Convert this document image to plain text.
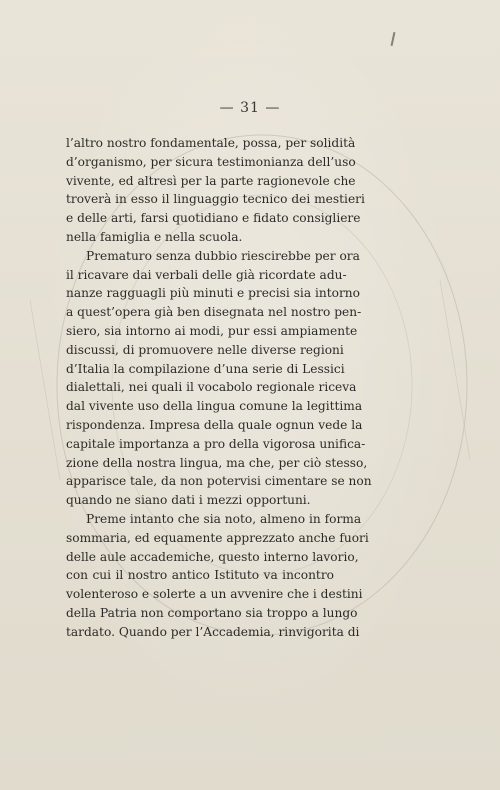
— 31 —
l’altro nostro fondamentale, possa, per solidità
d’organismo, per sicura testimonianza dell’uso
vivente, ed altresì per la parte ragionevole che
troverà in esso il linguaggio tecnico dei mestieri
e delle arti, farsi quotidiano e fidato consigliere
nella famiglia e nella scuola.
Prematuro senza dubbio riescirebbe per ora
il ricavare dai verbali delle già ricordate adu-
nanze ragguagli più minuti e precisi sia intorno
a quest’opera già ben disegnata nel nostro pen-
siero, sia intorno ai modi, pur essi ampiamente
discussi, di promuovere nelle diverse regioni
d’Italia la compilazione d’una serie di Lessici
dialettali, nei quali il vocabolo regionale riceva
dal vivente uso della lingua comune la legittima
rispondenza. Impresa della quale ognun vede la
capitale importanza a pro della vigorosa unifica-
zione della nostra lingua, ma che, per ciò stesso,
apparisce tale, da non potervisi cimentare se non
quando ne siano dati i mezzi opportuni.
Preme intanto che sia noto, almeno in forma
sommaria, ed equamente apprezzato anche fuori
delle aule accademiche, questo interno lavorio,
con cui il nostro antico Istituto va incontro
volenteroso e solerte a un avvenire che i destini
della Patria non comportano sia troppo a lungo
tardato. Quando per l’Accademia, rinvigorita di
